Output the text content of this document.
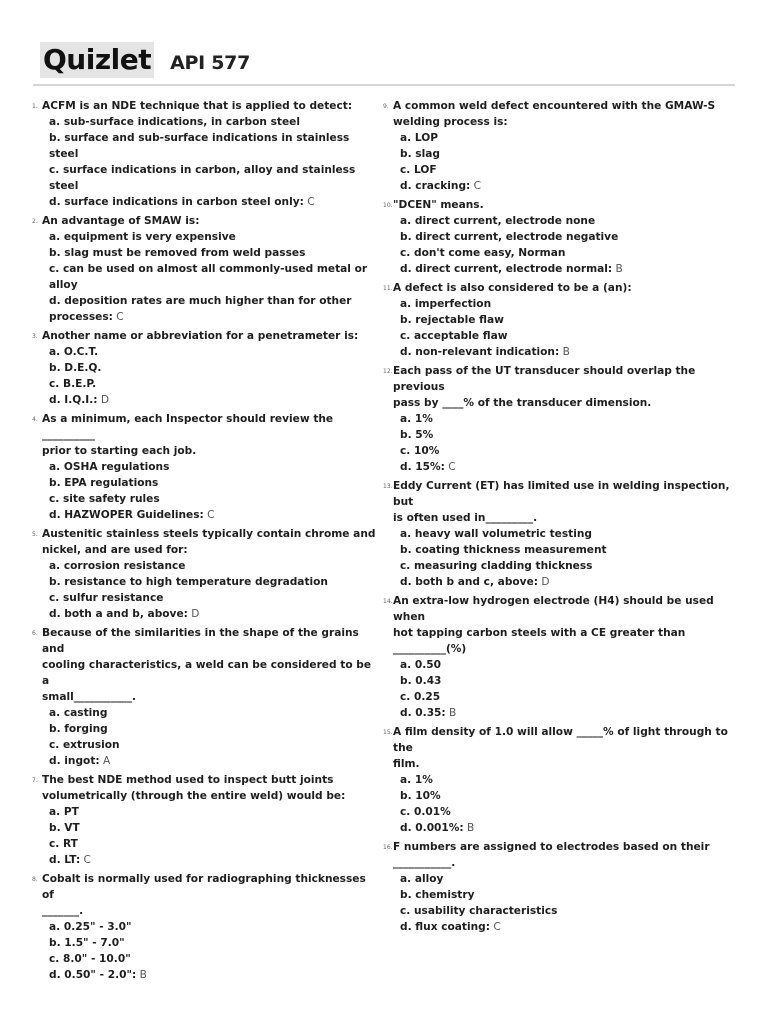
Quizlet API 577
1. ACFM is an NDE technique that is applied to detect:
a. sub-surface indications, in carbon steel
b. surface and sub-surface indications in stainless steel
c. surface indications in carbon, alloy and stainless steel
d. surface indications in carbon steel only: C
2. An advantage of SMAW is:
a. equipment is very expensive
b. slag must be removed from weld passes
c. can be used on almost all commonly-used metal or alloy
d. deposition rates are much higher than for other
processes: C
3. Another name or abbreviation for a penetrameter is:
a. O.C.T.
b. D.E.Q.
c. B.E.P.
d. I.Q.I.: D
4. As a minimum, each Inspector should review the __________
prior to starting each job.
a. OSHA regulations
b. EPA regulations
c. site safety rules
d. HAZWOPER Guidelines: C
5. Austenitic stainless steels typically contain chrome and
nickel, and are used for:
a. corrosion resistance
b. resistance to high temperature degradation
c. sulfur resistance
d. both a and b, above: D
6. Because of the similarities in the shape of the grains and
cooling characteristics, a weld can be considered to be a
small___________.
a. casting
b. forging
c. extrusion
d. ingot: A
7. The best NDE method used to inspect butt joints
volumetrically (through the entire weld) would be:
a. PT
b. VT
c. RT
d. LT: C
8. Cobalt is normally used for radiographing thicknesses of
_______.
a. 0.25" - 3.0"
b. 1.5" - 7.0"
c. 8.0" - 10.0"
d. 0.50" - 2.0": B
9. A common weld defect encountered with the GMAW-S
welding process is:
a. LOP
b. slag
c. LOF
d. cracking: C
10. "DCEN" means.
a. direct current, electrode none
b. direct current, electrode negative
c. don't come easy, Norman
d. direct current, electrode normal: B
11. A defect is also considered to be a (an):
a. imperfection
b. rejectable flaw
c. acceptable flaw
d. non-relevant indication: B
12. Each pass of the UT transducer should overlap the previous
pass by ____% of the transducer dimension.
a. 1%
b. 5%
c. 10%
d. 15%: C
13. Eddy Current (ET) has limited use in welding inspection, but
is often used in_________.
a. heavy wall volumetric testing
b. coating thickness measurement
c. measuring cladding thickness
d. both b and c, above: D
14. An extra-low hydrogen electrode (H4) should be used when
hot tapping carbon steels with a CE greater than
__________(%)
a. 0.50
b. 0.43
c. 0.25
d. 0.35: B
15. A film density of 1.0 will allow _____% of light through to the
film.
a. 1%
b. 10%
c. 0.01%
d. 0.001%: B
16. F numbers are assigned to electrodes based on their
___________.
a. alloy
b. chemistry
c. usability characteristics
d. flux coating: C
